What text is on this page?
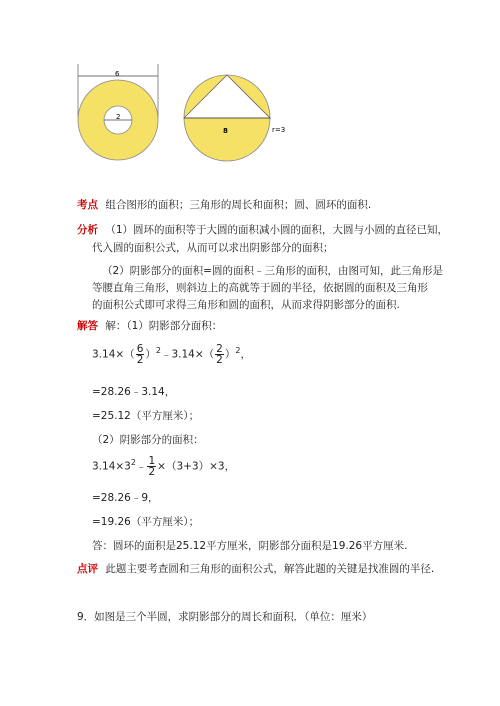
6
2
8	r=3
考点 组合图形的面积；三角形的周长和面积；圆、圆环的面积.
分析 （1）圆环的面积等于大圆的面积减小圆的面积，大圆与小圆的直径已知，
代入圆的面积公式，从而可以求出阴影部分的面积；
（2）阴影部分的面积=圆的面积﹣三角形的面积，由图可知，此三角形是
等腰直角三角形，则斜边上的高就等于圆的半径，依据圆的面积及三角形
的面积公式即可求得三角形和圆的面积，从而求得阴影部分的面积.
解答 解：（1）阴影部分面积：
$3.14\times( \frac{6}{2}$ ）$^2﹣3.14\times( \frac{2}{2} )^2$，
=28.26﹣3.14，
=25.12（平方厘米）；
（2）阴影部分的面积：
$3.14\times 3^2﹣ \frac{1}{2} \times(3+3)\times 3$，
=28.26﹣9，
=19.26（平方厘米）；
答：圆环的面积是25.12平方厘米，阴影部分面积是19.26平方厘米.
点评 此题主要考查圆和三角形的面积公式，解答此题的关键是找准圆的半径.
9．如图是三个半圆，求阴影部分的周长和面积．（单位：厘米）
